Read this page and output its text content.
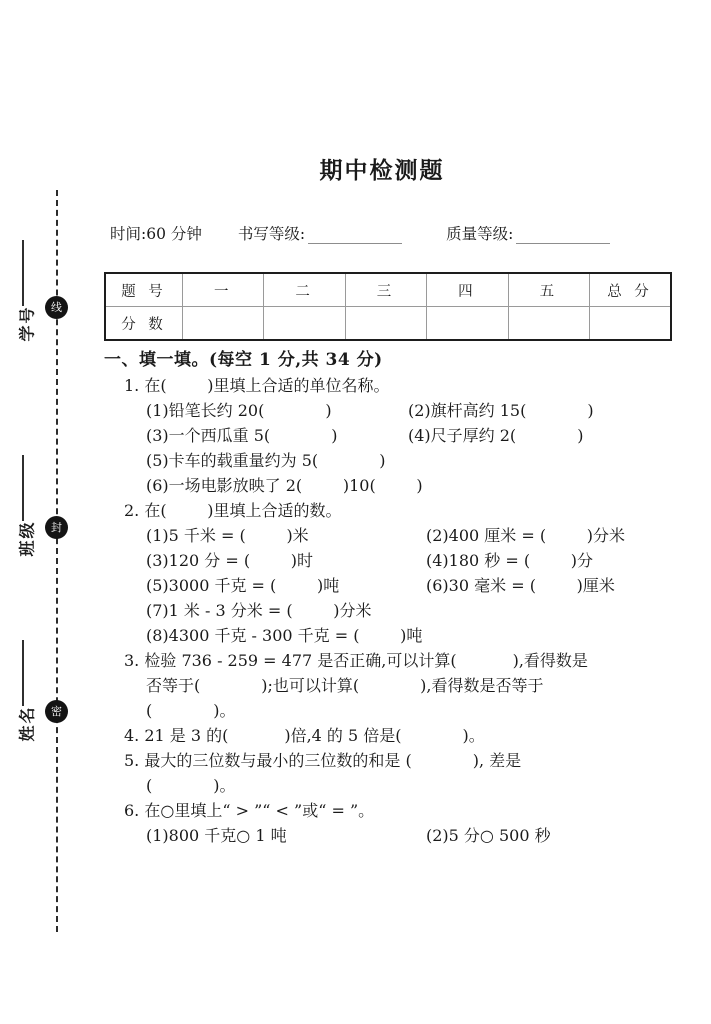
线
封
密
学号
班级
姓名
期中检测题
时间:60 分钟 书写等级:	质量等级:
题 号	一	二	三	四	五	总 分
分 数						
一、填一填。(每空 1 分,共 34 分)
1. 在(        )里填上合适的单位名称。
(1)铅笔长约 20(            )	(2)旗杆高约 15(            )
(3)一个西瓜重 5(            )	(4)尺子厚约 2(            )
(5)卡车的载重量约为 5(            )
(6)一场电影放映了 2(        )10(        )
2. 在(        )里填上合适的数。
(1)5 千米 = (        )米	(2)400 厘米 = (        )分米
(3)120 分 = (        )时	(4)180 秒 = (        )分
(5)3000 千克 = (        )吨	(6)30 毫米 = (        )厘米
(7)1 米 - 3 分米 = (        )分米
(8)4300 千克 - 300 千克 = (        )吨
3. 检验 736 - 259 = 477 是否正确,可以计算(           ),看得数是
否等于(            );也可以计算(            ),看得数是否等于
(            )。
4. 21 是 3 的(           )倍,4 的 5 倍是(            )。
5. 最大的三位数与最小的三位数的和是 (            ), 差是
(            )。
6. 在○里填上“ > ”“ < ”或“ = ”。
(1)800 千克○ 1 吨	(2)5 分○ 500 秒
